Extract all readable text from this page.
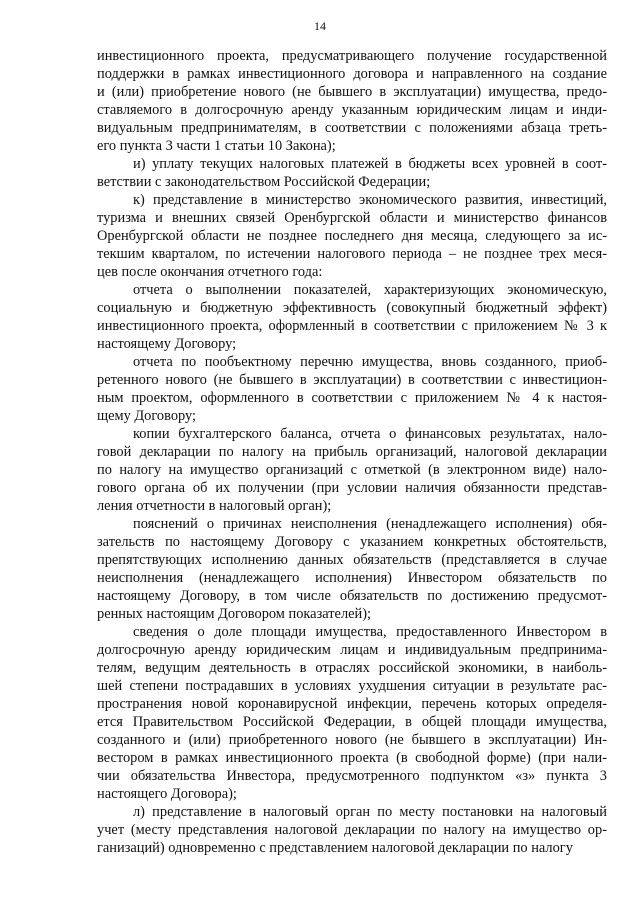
14

инвестиционного проекта, предусматривающего получение государственной
поддержки в рамках инвестиционного договора и направленного на создание
и (или) приобретение нового (не бывшего в эксплуатации) имущества, предо-
ставляемого в долгосрочную аренду указанным юридическим лицам и инди-
видуальным предпринимателям, в соответствии с положениями абзаца треть-
его пункта 3 части 1 статьи 10 Закона);

и) уплату текущих налоговых платежей в бюджеты всех уровней в соот-
ветствии с законодательством Российской Федерации;

к) представление в министерство экономического развития, инвестиций,
туризма и внешних связей Оренбургской области и министерство финансов
Оренбургской области не позднее последнего дня месяца, следующего за ис-
текшим кварталом, по истечении налогового периода – не позднее трех меся-
цев после окончания отчетного года:

отчета о выполнении показателей, характеризующих экономическую,
социальную и бюджетную эффективность (совокупный бюджетный эффект)
инвестиционного проекта, оформленный в соответствии с приложением № 3 к
настоящему Договору;

отчета по пообъектному перечню имущества, вновь созданного, приоб-
ретенного нового (не бывшего в эксплуатации) в соответствии с инвестицион-
ным проектом, оформленного в соответствии с приложением № 4 к настоя-
щему Договору;

копии бухгалтерского баланса, отчета о финансовых результатах, нало-
говой декларации по налогу на прибыль организаций, налоговой декларации
по налогу на имущество организаций с отметкой (в электронном виде) нало-
гового органа об их получении (при условии наличия обязанности представ-
ления отчетности в налоговый орган);

пояснений о причинах неисполнения (ненадлежащего исполнения) обя-
зательств по настоящему Договору с указанием конкретных обстоятельств,
препятствующих исполнению данных обязательств (представляется в случае
неисполнения (ненадлежащего исполнения) Инвестором обязательств по
настоящему Договору, в том числе обязательств по достижению предусмот-
ренных настоящим Договором показателей);

сведения о доле площади имущества, предоставленного Инвестором в
долгосрочную аренду юридическим лицам и индивидуальным предпринима-
телям, ведущим деятельность в отраслях российской экономики, в наиболь-
шей степени пострадавших в условиях ухудшения ситуации в результате рас-
пространения новой коронавирусной инфекции, перечень которых определя-
ется Правительством Российской Федерации, в общей площади имущества,
созданного и (или) приобретенного нового (не бывшего в эксплуатации) Ин-
вестором в рамках инвестиционного проекта (в свободной форме) (при нали-
чии обязательства Инвестора, предусмотренного подпунктом «з» пункта 3
настоящего Договора);

л) представление в налоговый орган по месту постановки на налоговый
учет (месту представления налоговой декларации по налогу на имущество ор-
ганизаций) одновременно с представлением налоговой декларации по налогу
